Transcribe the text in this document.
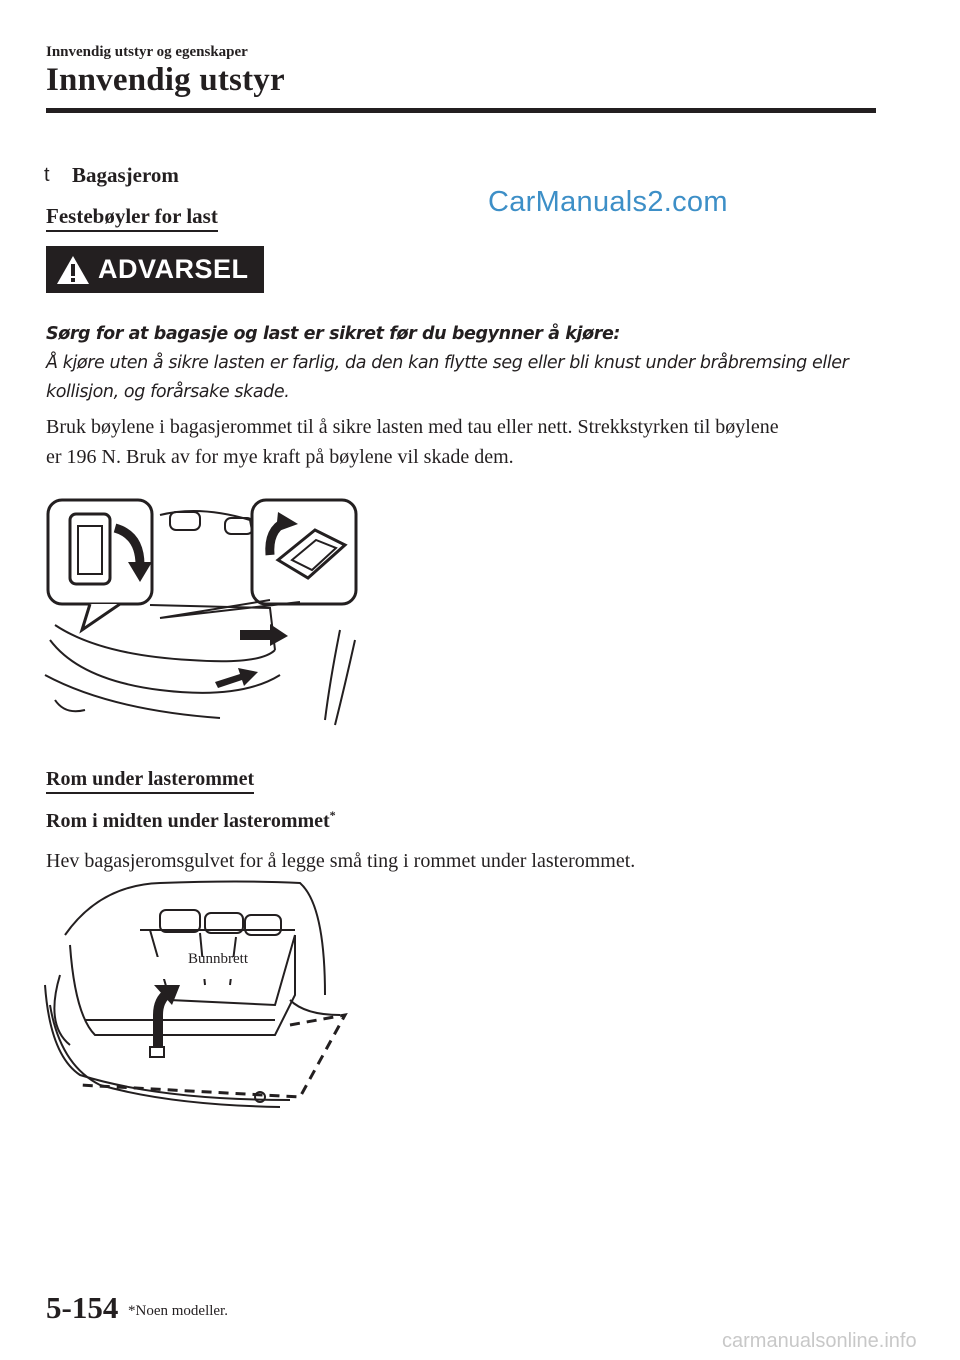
Innvendig utstyr og egenskaper
Innvendig utstyr
CarManuals2.com
t Bagasjerom
Festebøyler for last
ADVARSEL
Sørg for at bagasje og last er sikret før du begynner å kjøre:
Å kjøre uten å sikre lasten er farlig, da den kan flytte seg eller bli knust under bråbremsing eller kollisjon, og forårsake skade.
Bruk bøylene i bagasjerommet til å sikre lasten med tau eller nett. Strekkstyrken til bøylene
er 196 N. Bruk av for mye kraft på bøylene vil skade dem.
Rom under lasterommet
Rom i midten under lasterommet*
Hev bagasjeromsgulvet for å legge små ting i rommet under lasterommet.
Bunnbrett
5-154 *Noen modeller.
carmanualsonline.info
